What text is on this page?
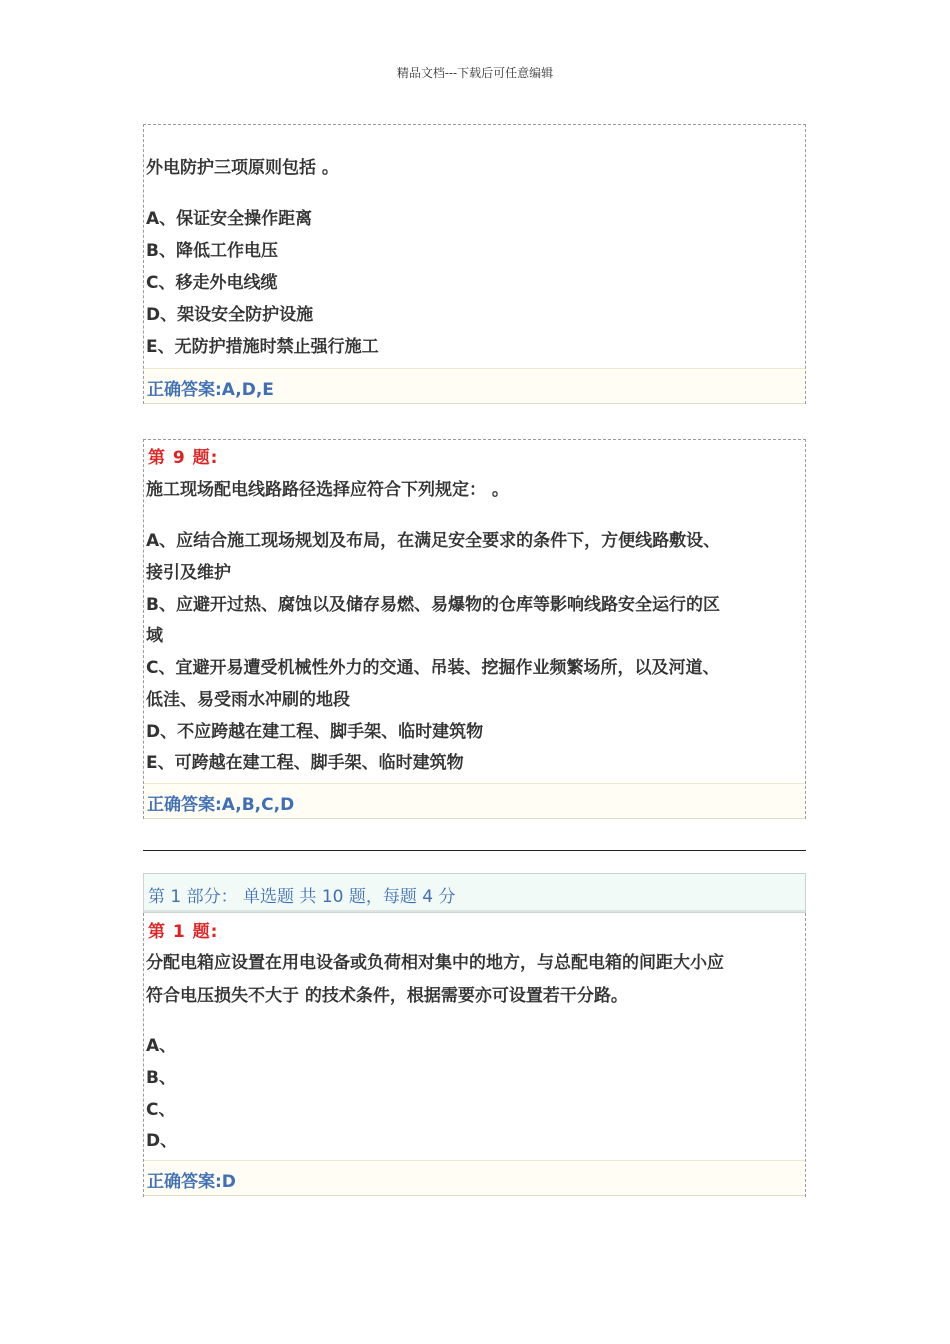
精品文档---下载后可任意编辑
外电防护三项原则包括 。
A、保证安全操作距离
B、降低工作电压
C、移走外电线缆
D、架设安全防护设施
E、无防护措施时禁止强行施工
正确答案:A,D,E
第 9 题:
施工现场配电线路路径选择应符合下列规定： 。
A、应结合施工现场规划及布局，在满足安全要求的条件下，方便线路敷设、
接引及维护
B、应避开过热、腐蚀以及储存易燃、易爆物的仓库等影响线路安全运行的区
域
C、宜避开易遭受机械性外力的交通、吊装、挖掘作业频繁场所，以及河道、
低洼、易受雨水冲刷的地段
D、不应跨越在建工程、脚手架、临时建筑物
E、可跨越在建工程、脚手架、临时建筑物
正确答案:A,B,C,D
第 1 部分： 单选题 共 10 题，每题 4 分
第 1 题:
分配电箱应设置在用电设备或负荷相对集中的地方，与总配电箱的间距大小应
符合电压损失不大于 的技术条件，根据需要亦可设置若干分路。
A、
B、
C、
D、
正确答案:D
